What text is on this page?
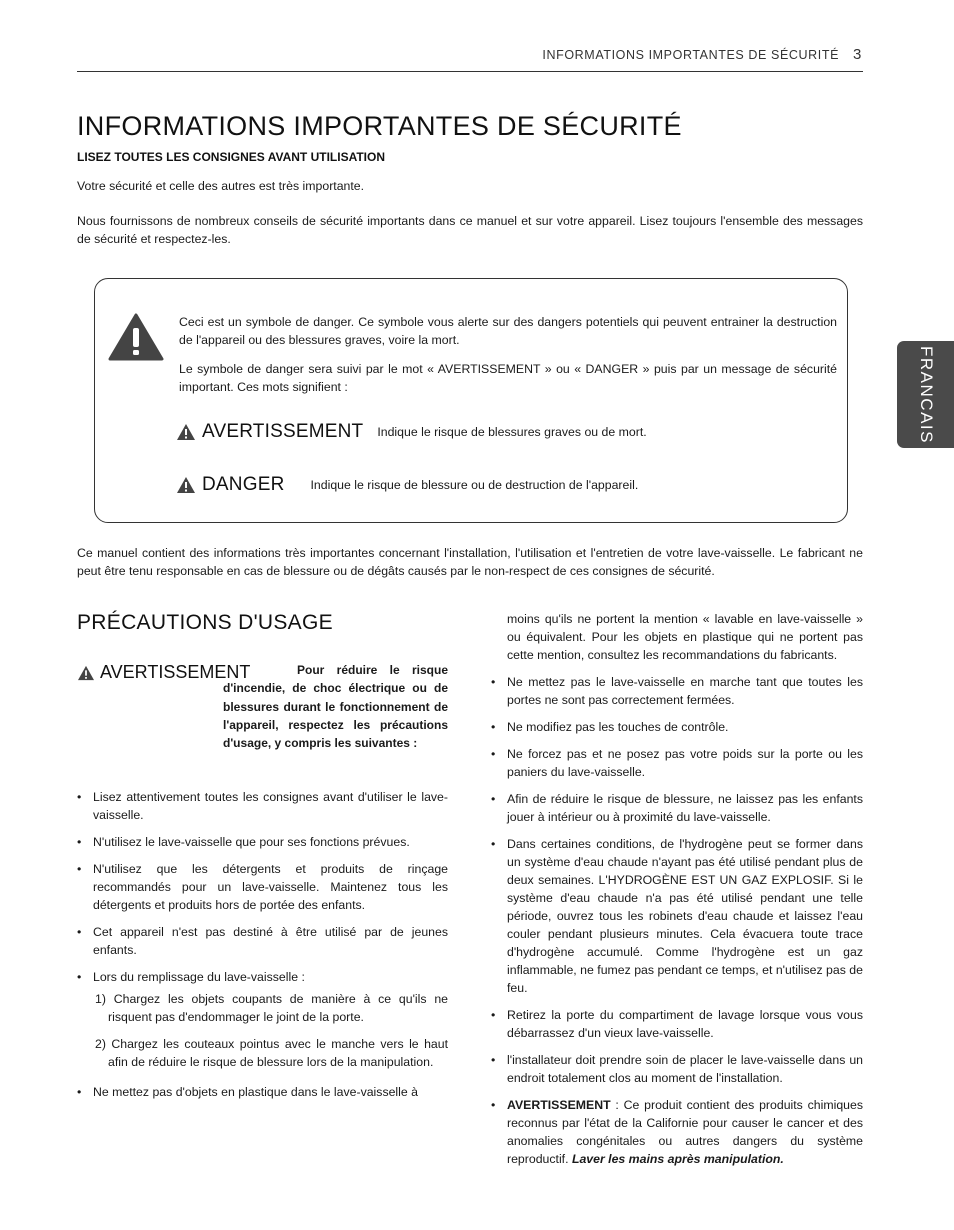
INFORMATIONS IMPORTANTES DE SÉCURITÉ 3
FRANCAIS
INFORMATIONS IMPORTANTES DE SÉCURITÉ
LISEZ TOUTES LES CONSIGNES AVANT UTILISATION

Votre sécurité et celle des autres est très importante.

Nous fournissons de nombreux conseils de sécurité importants dans ce manuel et sur votre appareil. Lisez toujours l'ensemble des messages de sécurité et respectez-les.

Ceci est un symbole de danger. Ce symbole vous alerte sur des dangers potentiels qui peuvent entrainer la destruction de l'appareil ou des blessures graves, voire la mort.

Le symbole de danger sera suivi par le mot « AVERTISSEMENT » ou « DANGER » puis par un message de sécurité important. Ces mots signifient :

AVERTISSEMENT Indique le risque de blessures graves ou de mort.
DANGER Indique le risque de blessure ou de destruction de l'appareil.

Ce manuel contient des informations très importantes concernant l'installation, l'utilisation et l'entretien de votre lave-vaisselle. Le fabricant ne peut être tenu responsable en cas de blessure ou de dégâts causés par le non-respect de ces consignes de sécurité.

PRÉCAUTIONS D'USAGE
AVERTISSEMENT	Pour réduire le risque d'incendie, de choc électrique ou de blessures durant le fonctionnement de l'appareil, respectez les précautions d'usage, y compris les suivantes :

• Lisez attentivement toutes les consignes avant d'utiliser le lave-vaisselle.
• N'utilisez le lave-vaisselle que pour ses fonctions prévues.
• N'utilisez que les détergents et produits de rinçage recommandés pour un lave-vaisselle. Maintenez tous les détergents et produits hors de portée des enfants.
• Cet appareil n'est pas destiné à être utilisé par de jeunes enfants.
• Lors du remplissage du lave-vaisselle :
1) Chargez les objets coupants de manière à ce qu'ils ne risquent pas d'endommager le joint de la porte.
2) Chargez les couteaux pointus avec le manche vers le haut afin de réduire le risque de blessure lors de la manipulation.
• Ne mettez pas d'objets en plastique dans le lave-vaisselle à
moins qu'ils ne portent la mention « lavable en lave-vaisselle » ou équivalent. Pour les objets en plastique qui ne portent pas cette mention, consultez les recommandations du fabricants.
• Ne mettez pas le lave-vaisselle en marche tant que toutes les portes ne sont pas correctement fermées.
• Ne modifiez pas les touches de contrôle.
• Ne forcez pas et ne posez pas votre poids sur la porte ou les paniers du lave-vaisselle.
• Afin de réduire le risque de blessure, ne laissez pas les enfants jouer à intérieur ou à proximité du lave-vaisselle.
• Dans certaines conditions, de l'hydrogène peut se former dans un système d'eau chaude n'ayant pas été utilisé pendant plus de deux semaines. L'HYDROGÈNE EST UN GAZ EXPLOSIF. Si le système d'eau chaude n'a pas été utilisé pendant une telle période, ouvrez tous les robinets d'eau chaude et laissez l'eau couler pendant plusieurs minutes. Cela évacuera toute trace d'hydrogène accumulé. Comme l'hydrogène est un gaz inflammable, ne fumez pas pendant ce temps, et n'utilisez pas de feu.
• Retirez la porte du compartiment de lavage lorsque vous vous débarrassez d'un vieux lave-vaisselle.
• l'installateur doit prendre soin de placer le lave-vaisselle dans un endroit totalement clos au moment de l'installation.
• AVERTISSEMENT : Ce produit contient des produits chimiques reconnus par l'état de la Californie pour causer le cancer et des anomalies congénitales ou autres dangers du système reproductif. Laver les mains après manipulation.
